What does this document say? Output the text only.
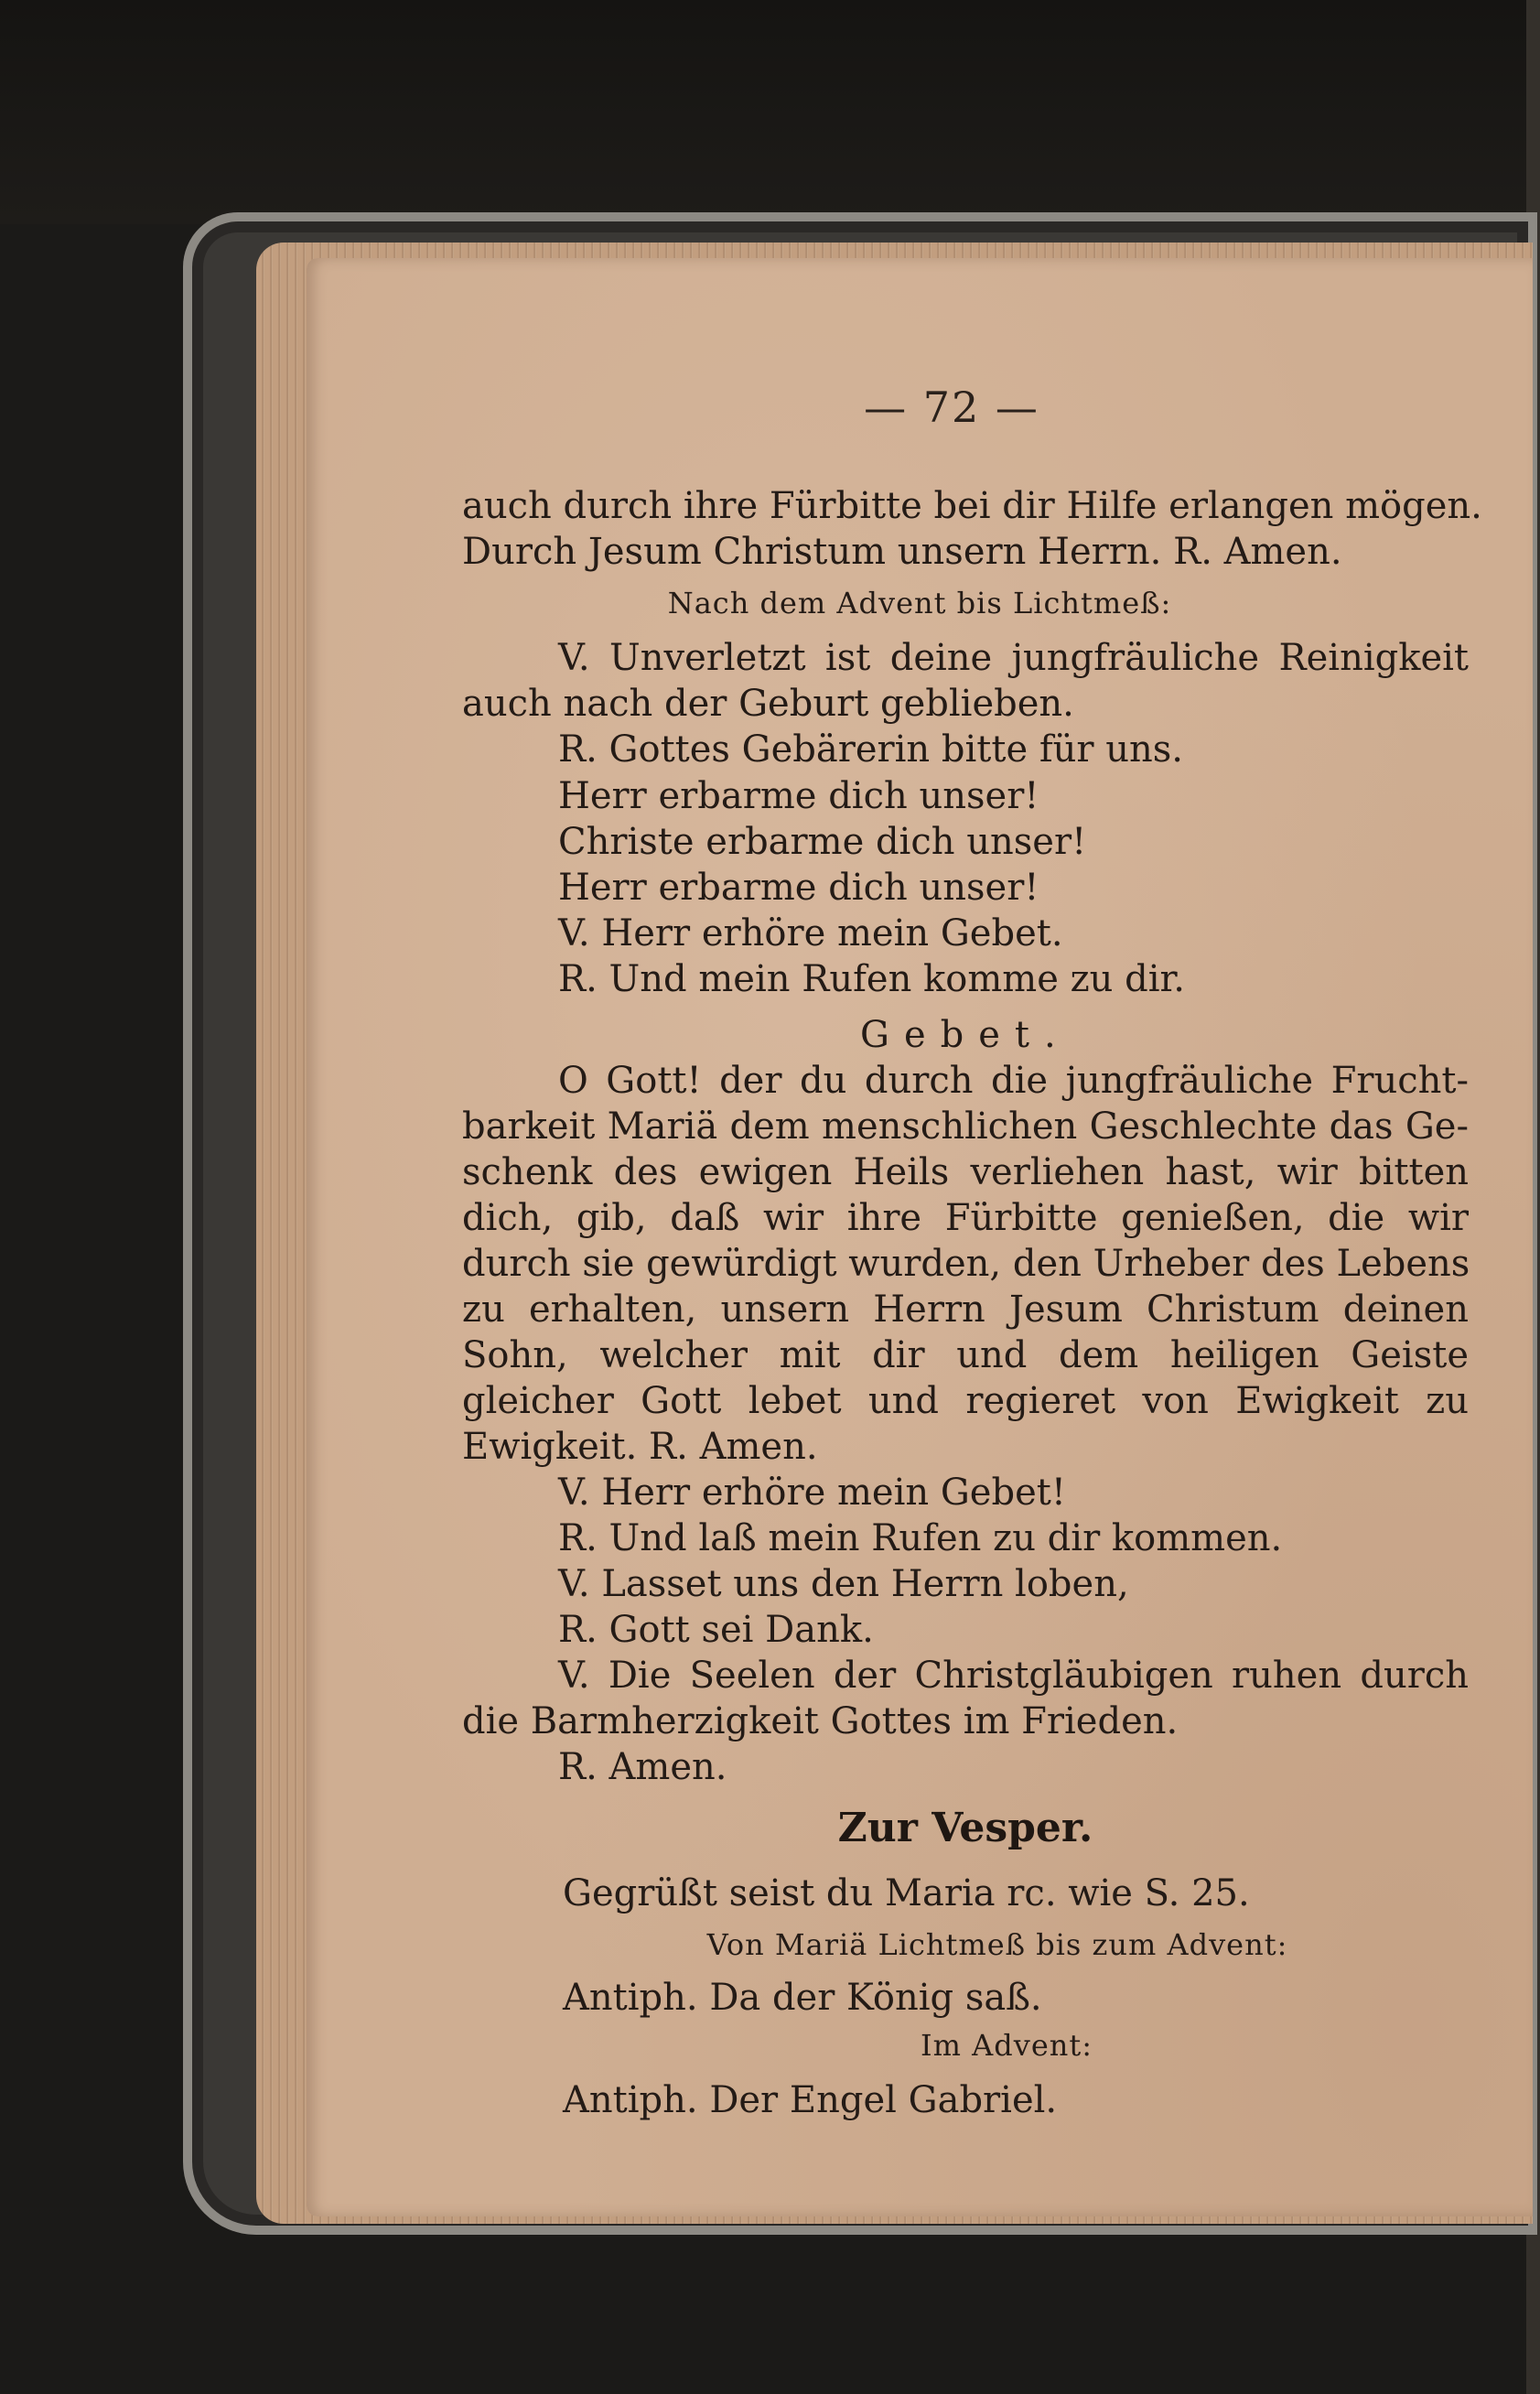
— 72 —
auch durch ihre Fürbitte bei dir Hilfe erlangen mögen.
Durch Jesum Christum unsern Herrn. R. Amen.
Nach dem Advent bis Lichtmeß:
V. Unverletzt ist deine jungfräuliche Reinigkeit
auch nach der Geburt geblieben.
R. Gottes Gebärerin bitte für uns.
Herr erbarme dich unser!
Christe erbarme dich unser!
Herr erbarme dich unser!
V. Herr erhöre mein Gebet.
R. Und mein Rufen komme zu dir.
Gebet.
O Gott! der du durch die jungfräuliche Frucht-
barkeit Mariä dem menschlichen Geschlechte das Ge-
schenk des ewigen Heils verliehen hast, wir bitten
dich, gib, daß wir ihre Fürbitte genießen, die wir
durch sie gewürdigt wurden, den Urheber des Lebens
zu erhalten, unsern Herrn Jesum Christum deinen
Sohn, welcher mit dir und dem heiligen Geiste
gleicher Gott lebet und regieret von Ewigkeit zu
Ewigkeit. R. Amen.
V. Herr erhöre mein Gebet!
R. Und laß mein Rufen zu dir kommen.
V. Lasset uns den Herrn loben,
R. Gott sei Dank.
V. Die Seelen der Christgläubigen ruhen durch
die Barmherzigkeit Gottes im Frieden.
R. Amen.
Zur Vesper.
Gegrüßt seist du Maria rc. wie S. 25.
Von Mariä Lichtmeß bis zum Advent:
Antiph. Da der König saß.
Im Advent:
Antiph. Der Engel Gabriel.
